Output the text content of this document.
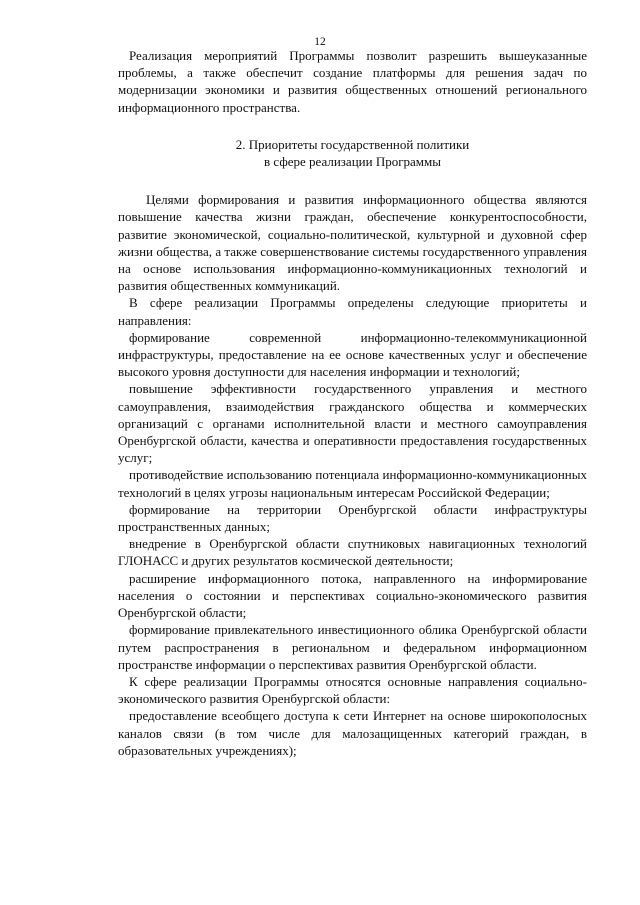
12

Реализация мероприятий Программы позволит разрешить вышеуказанные проблемы, а также обеспечит создание платформы для решения задач по модернизации экономики и развития общественных отношений регионального информационного пространства.

2. Приоритеты государственной политики
в сфере реализации Программы

Целями формирования и развития информационного общества являются повышение качества жизни граждан, обеспечение конкурентоспособности, развитие экономической, социально-политической, культурной и духовной сфер жизни общества, а также совершенствование системы государственного управления на основе использования информационно-коммуникационных технологий и развития общественных коммуникаций.

В сфере реализации Программы определены следующие приоритеты и направления:

формирование современной информационно-телекоммуникационной инфраструктуры, предоставление на ее основе качественных услуг и обеспечение высокого уровня доступности для населения информации и технологий;

повышение эффективности государственного управления и местного самоуправления, взаимодействия гражданского общества и коммерческих организаций с органами исполнительной власти и местного самоуправления Оренбургской области, качества и оперативности предоставления государственных услуг;

противодействие использованию потенциала информационно-коммуникационных технологий в целях угрозы национальным интересам Российской Федерации;

формирование на территории Оренбургской области инфраструктуры пространственных данных;

внедрение в Оренбургской области спутниковых навигационных технологий ГЛОНАСС и других результатов космической деятельности;

расширение информационного потока, направленного на информирование населения о состоянии и перспективах социально-экономического развития Оренбургской области;

формирование привлекательного инвестиционного облика Оренбургской области путем распространения в региональном и федеральном информационном пространстве информации о перспективах развития Оренбургской области.

К сфере реализации Программы относятся основные направления социально-экономического развития Оренбургской области:

предоставление всеобщего доступа к сети Интернет на основе широкополосных каналов связи (в том числе для малозащищенных категорий граждан, в образовательных учреждениях);
